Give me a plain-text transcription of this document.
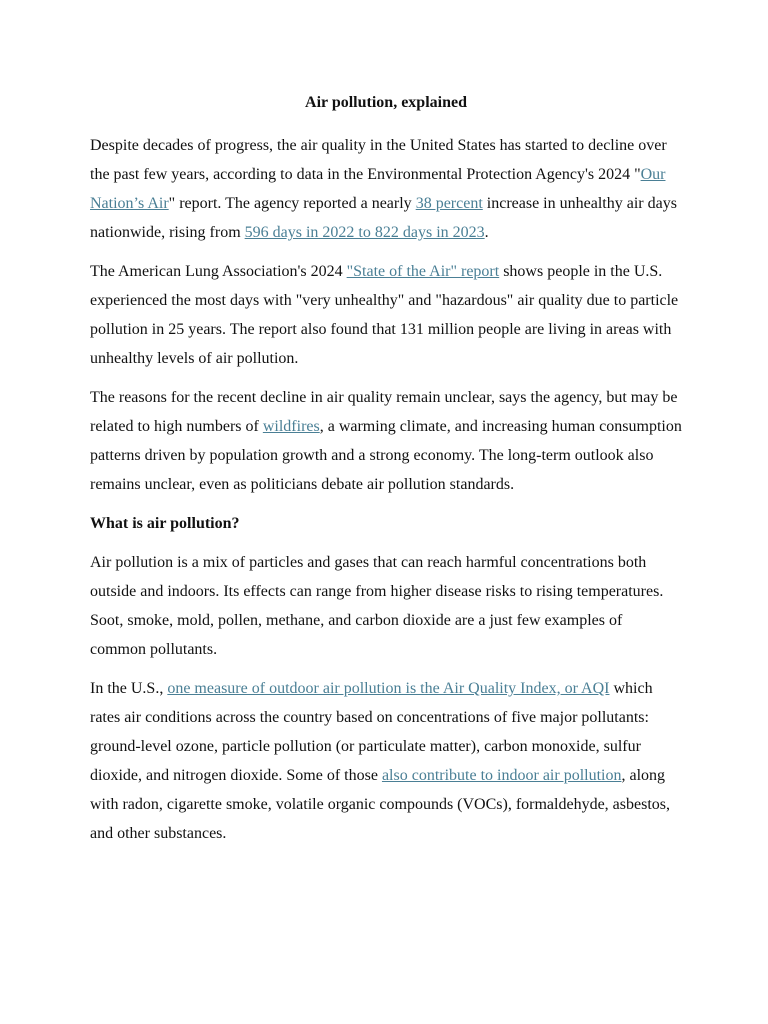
Air pollution, explained

Despite decades of progress, the air quality in the United States has started to decline over the past few years, according to data in the Environmental Protection Agency's 2024 "Our Nation’s Air" report. The agency reported a nearly 38 percent increase in unhealthy air days nationwide, rising from 596 days in 2022 to 822 days in 2023.

The American Lung Association's 2024 "State of the Air" report shows people in the U.S. experienced the most days with "very unhealthy" and "hazardous" air quality due to particle pollution in 25 years. The report also found that 131 million people are living in areas with unhealthy levels of air pollution.

The reasons for the recent decline in air quality remain unclear, says the agency, but may be related to high numbers of wildfires, a warming climate, and increasing human consumption patterns driven by population growth and a strong economy. The long-term outlook also remains unclear, even as politicians debate air pollution standards.

What is air pollution?

Air pollution is a mix of particles and gases that can reach harmful concentrations both outside and indoors. Its effects can range from higher disease risks to rising temperatures. Soot, smoke, mold, pollen, methane, and carbon dioxide are a just few examples of common pollutants.

In the U.S., one measure of outdoor air pollution is the Air Quality Index, or AQI which rates air conditions across the country based on concentrations of five major pollutants: ground-level ozone, particle pollution (or particulate matter), carbon monoxide, sulfur dioxide, and nitrogen dioxide. Some of those also contribute to indoor air pollution, along with radon, cigarette smoke, volatile organic compounds (VOCs), formaldehyde, asbestos, and other substances.
